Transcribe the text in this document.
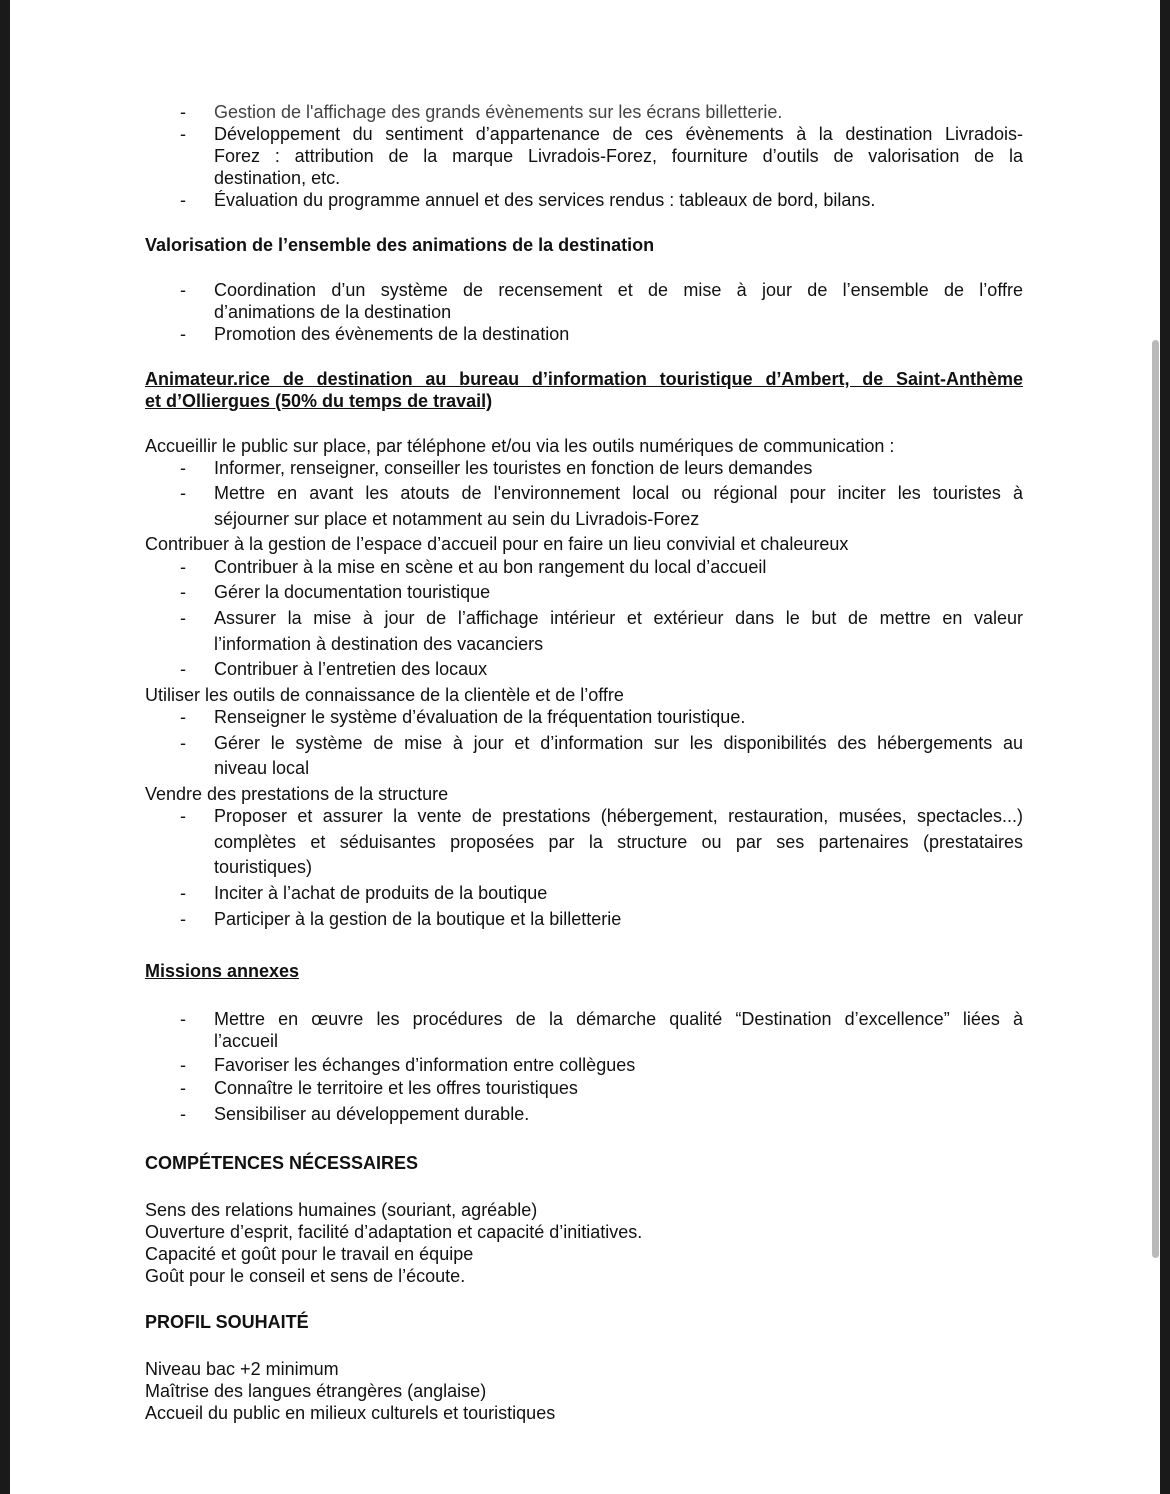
- Gestion de l'affichage des grands évènements sur les écrans billetterie.
- Développement du sentiment d’appartenance de ces évènements à la destination Livradois-
Forez : attribution de la marque Livradois-Forez, fourniture d’outils de valorisation de la
destination, etc.
- Évaluation du programme annuel et des services rendus : tableaux de bord, bilans.
Valorisation de l’ensemble des animations de la destination
- Coordination d’un système de recensement et de mise à jour de l’ensemble de l’offre
d’animations de la destination
- Promotion des évènements de la destination
Animateur.rice de destination au bureau d’information touristique d’Ambert, de Saint-Anthème
et d’Olliergues (50% du temps de travail)
Accueillir le public sur place, par téléphone et/ou via les outils numériques de communication :
- Informer, renseigner, conseiller les touristes en fonction de leurs demandes
- Mettre en avant les atouts de l'environnement local ou régional pour inciter les touristes à
séjourner sur place et notamment au sein du Livradois-Forez
Contribuer à la gestion de l’espace d’accueil pour en faire un lieu convivial et chaleureux
- Contribuer à la mise en scène et au bon rangement du local d’accueil
- Gérer la documentation touristique
- Assurer la mise à jour de l’affichage intérieur et extérieur dans le but de mettre en valeur
l’information à destination des vacanciers
- Contribuer à l’entretien des locaux
Utiliser les outils de connaissance de la clientèle et de l’offre
- Renseigner le système d’évaluation de la fréquentation touristique.
- Gérer le système de mise à jour et d’information sur les disponibilités des hébergements au
niveau local
Vendre des prestations de la structure
- Proposer et assurer la vente de prestations (hébergement, restauration, musées, spectacles...)
complètes et séduisantes proposées par la structure ou par ses partenaires (prestataires
touristiques)
- Inciter à l’achat de produits de la boutique
- Participer à la gestion de la boutique et la billetterie
Missions annexes
- Mettre en œuvre les procédures de la démarche qualité “Destination d’excellence” liées à
l’accueil
- Favoriser les échanges d’information entre collègues
- Connaître le territoire et les offres touristiques
- Sensibiliser au développement durable.
COMPÉTENCES NÉCESSAIRES
Sens des relations humaines (souriant, agréable)
Ouverture d’esprit, facilité d’adaptation et capacité d’initiatives.
Capacité et goût pour le travail en équipe
Goût pour le conseil et sens de l’écoute.
PROFIL SOUHAITÉ
Niveau bac +2 minimum
Maîtrise des langues étrangères (anglaise)
Accueil du public en milieux culturels et touristiques
